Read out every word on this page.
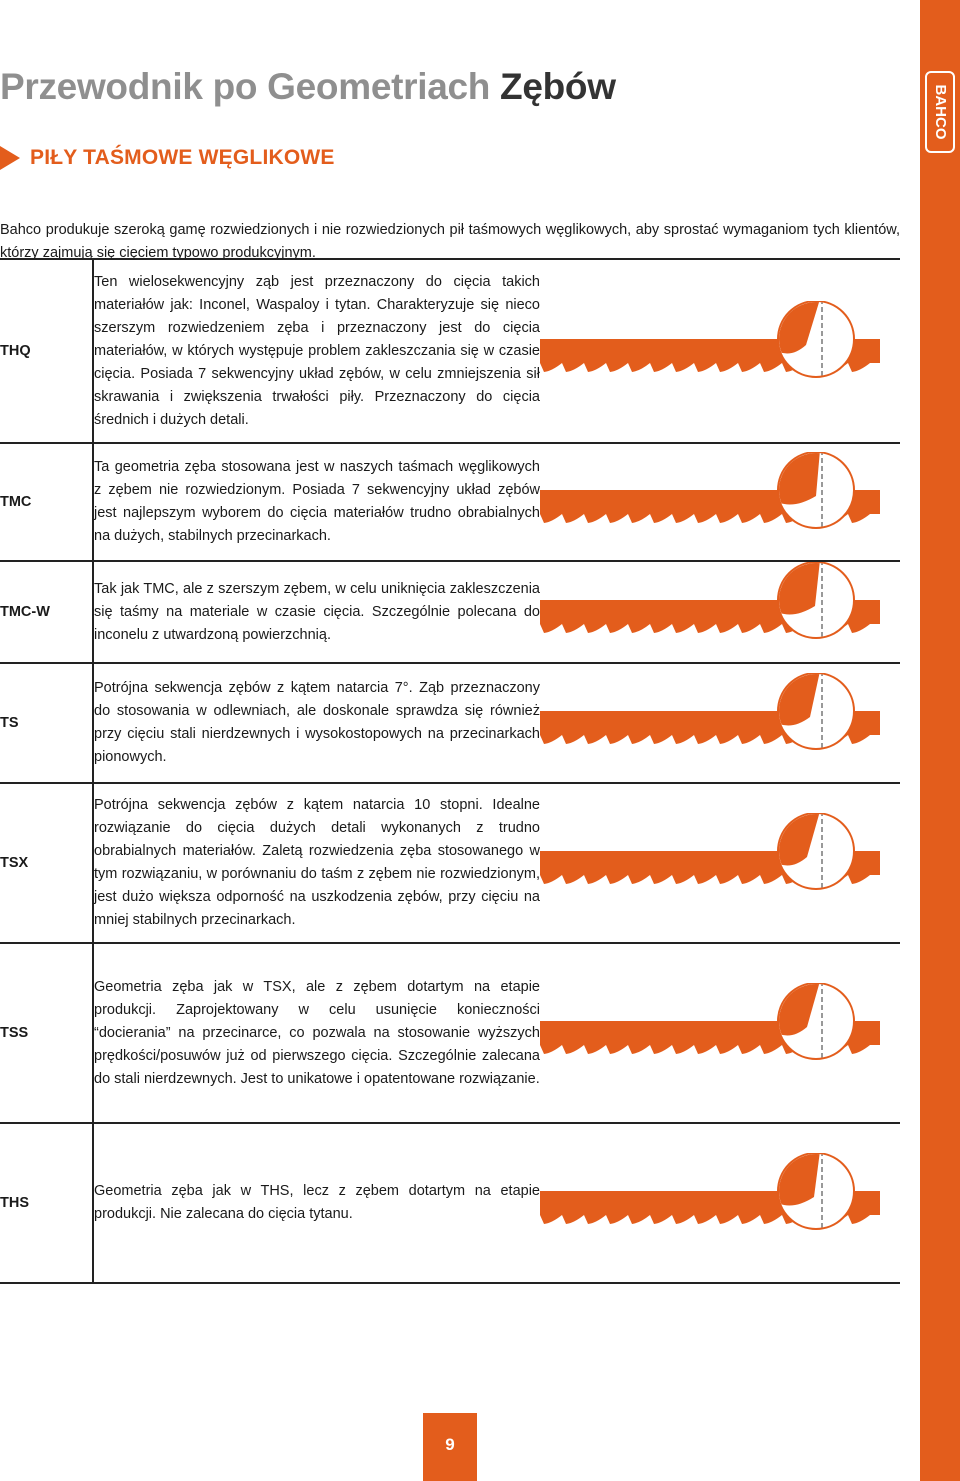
BAHCO
Przewodnik po Geometriach Zębów
PIŁY TAŚMOWE WĘGLIKOWE

Bahco produkuje szeroką gamę rozwiedzionych i nie rozwiedzionych pił taśmowych węglikowych, aby sprostać wymaganiom tych klientów, którzy zajmują się cięciem typowo produkcyjnym.

THQ	Ten wielosekwencyjny ząb jest przeznaczony do cięcia takich materiałów jak: Inconel, Waspaloy i tytan. Charakteryzuje się nieco szerszym rozwiedzeniem zęba i przeznaczony jest do cięcia materiałów, w których występuje problem zakleszczania się w czasie cięcia. Posiada 7 sekwencyjny układ zębów, w celu zmniejszenia sił skrawania i zwiększenia trwałości piły. Przeznaczony do cięcia średnich i dużych detali.	

TMC	Ta geometria zęba stosowana jest w naszych taśmach węglikowych z zębem nie rozwiedzionym. Posiada 7 sekwencyjny układ zębów jest najlepszym wyborem do cięcia materiałów trudno obrabialnych na dużych, stabilnych przecinarkach.	

TMC-W	Tak jak TMC, ale z szerszym zębem, w celu uniknięcia zakleszczenia się taśmy na materiale w czasie cięcia. Szczególnie polecana do inconelu z utwardzoną powierzchnią.	

TS	Potrójna sekwencja zębów z kątem natarcia 7°. Ząb przeznaczony do stosowania w odlewniach, ale doskonale sprawdza się również przy cięciu stali nierdzewnych i wysokostopowych na przecinarkach pionowych.	

TSX	Potrójna sekwencja zębów z kątem natarcia 10 stopni. Idealne rozwiązanie do cięcia dużych detali wykonanych z trudno obrabialnych materiałów. Zaletą rozwiedzenia zęba stosowanego w tym rozwiązaniu, w porównaniu do taśm z zębem nie rozwiedzionym, jest dużo większa odporność na uszkodzenia zębów, przy cięciu na mniej stabilnych przecinarkach.	

TSS	Geometria zęba jak w TSX, ale z zębem dotartym na etapie produkcji. Zaprojektowany w celu usunięcie konieczności “docierania” na przecinarce, co pozwala na stosowanie wyższych prędkości/posuwów już od pierwszego cięcia. Szczególnie zalecana do stali nierdzewnych. Jest to unikatowe i opatentowane rozwiązanie.	

THS	Geometria zęba jak w THS, lecz z zębem dotartym na etapie produkcji. Nie zalecana do cięcia tytanu.	
9
